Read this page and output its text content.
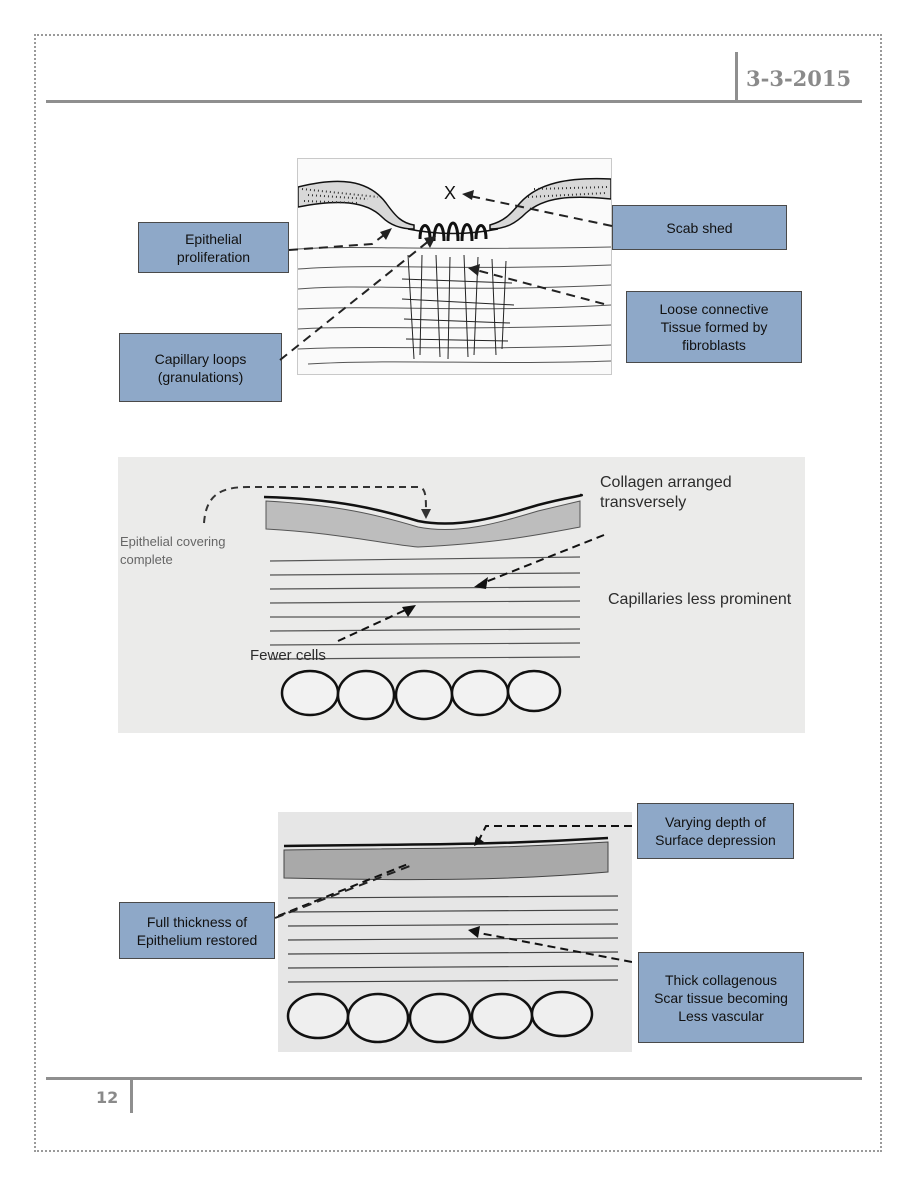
3-3-2015
12
X
Epithelial
proliferation
Scab shed
Loose connective
Tissue formed by
fibroblasts
Capillary loops
(granulations)
Collagen arranged
transversely
Epithelial covering
complete
Capillaries less prominent
Fewer cells
Varying depth of
Surface depression
Full thickness of
Epithelium restored
Thick collagenous
Scar tissue becoming
Less vascular
